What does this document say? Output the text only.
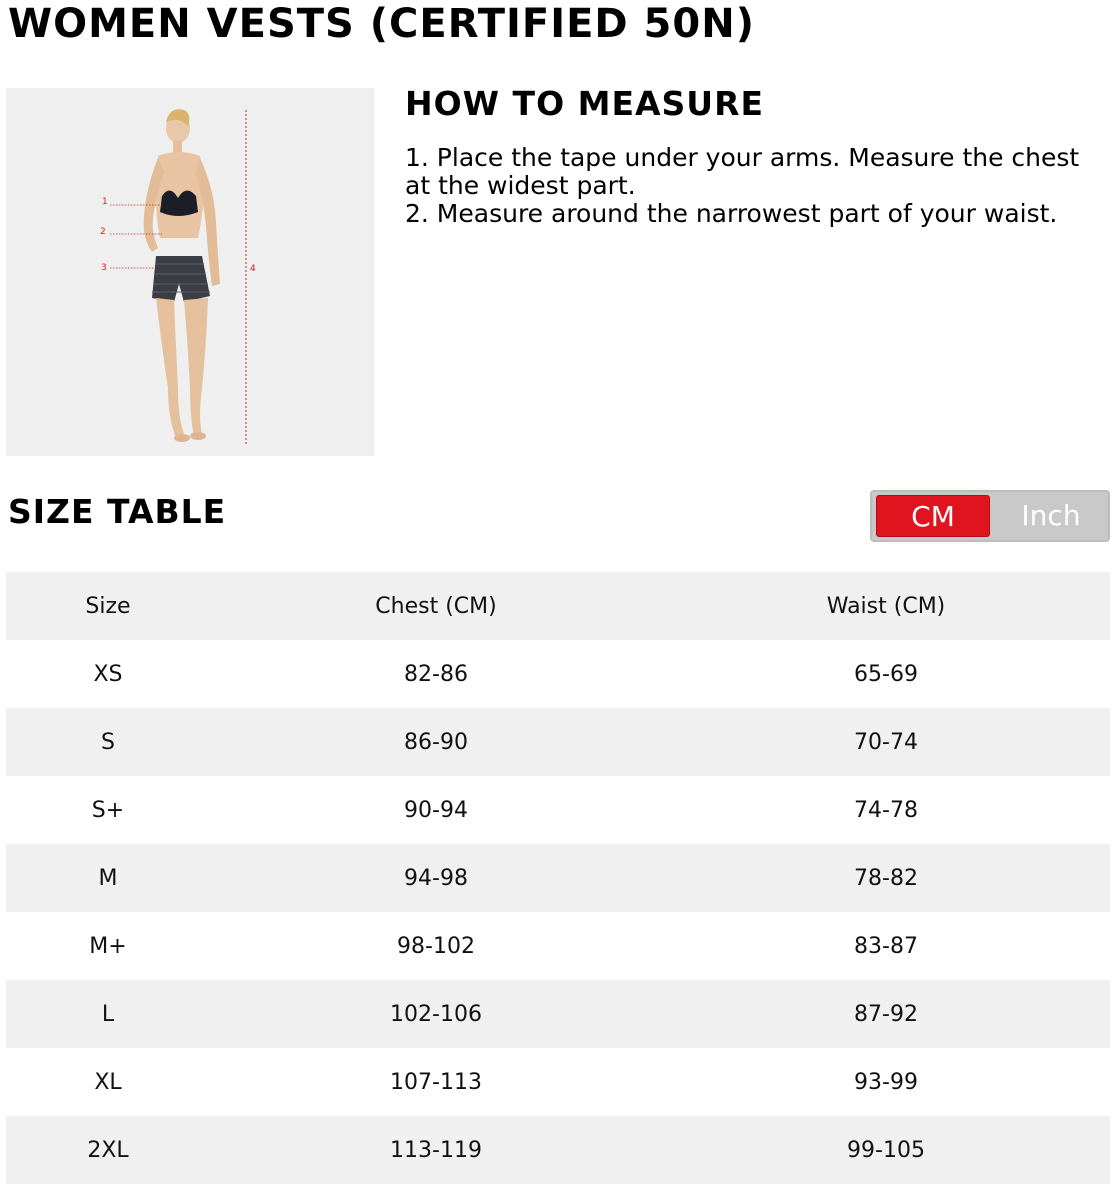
WOMEN VESTS (CERTIFIED 50N)
1
2
3	4
HOW TO MEASURE

1. Place the tape under your arms. Measure the chest at the widest part.

2. Measure around the narrowest part of your waist.

SIZE TABLE	CM	Inch
Size	Chest (CM)	Waist (CM)
XS	82-86	65-69
S	86-90	70-74
S+	90-94	74-78
M	94-98	78-82
M+	98-102	83-87
L	102-106	87-92
XL	107-113	93-99
2XL	113-119	99-105
